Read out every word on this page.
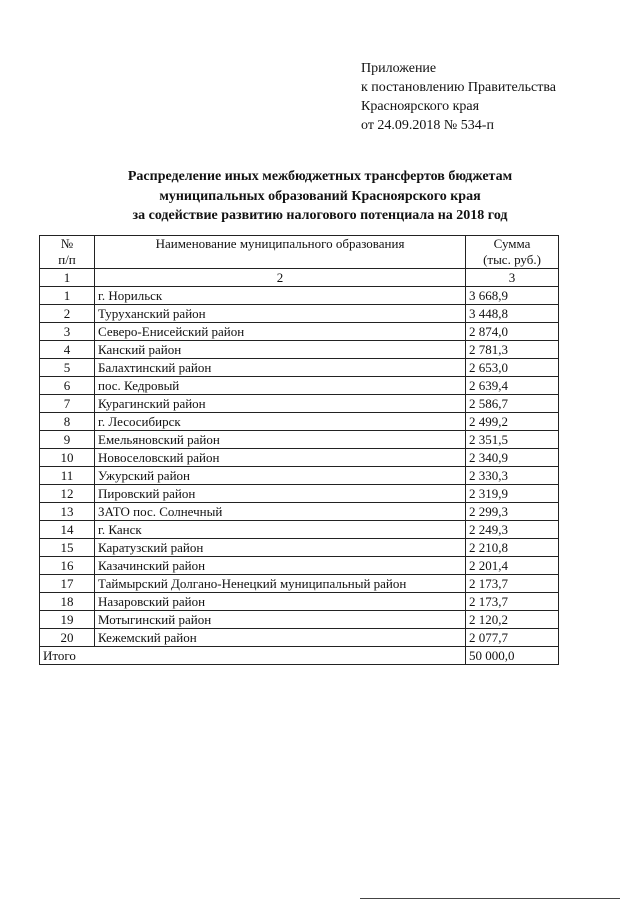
Приложение
к постановлению Правительства
Красноярского края
от 24.09.2018 № 534-п
Распределение иных межбюджетных трансфертов бюджетам
муниципальных образований Красноярского края
за содействие развитию налогового потенциала на 2018 год
№
п/п	Наименование муниципального образования	Сумма
(тыс. руб.)
1	2	3
1	г. Норильск	3 668,9
2	Туруханский район	3 448,8
3	Северо-Енисейский район	2 874,0
4	Канский район	2 781,3
5	Балахтинский район	2 653,0
6	пос. Кедровый	2 639,4
7	Курагинский район	2 586,7
8	г. Лесосибирск	2 499,2
9	Емельяновский район	2 351,5
10	Новоселовский район	2 340,9
11	Ужурский район	2 330,3
12	Пировский район	2 319,9
13	ЗАТО пос. Солнечный	2 299,3
14	г. Канск	2 249,3
15	Каратузский район	2 210,8
16	Казачинский район	2 201,4
17	Таймырский Долгано-Ненецкий муниципальный район	2 173,7
18	Назаровский район	2 173,7
19	Мотыгинский район	2 120,2
20	Кежемский район	2 077,7
Итого		50 000,0
